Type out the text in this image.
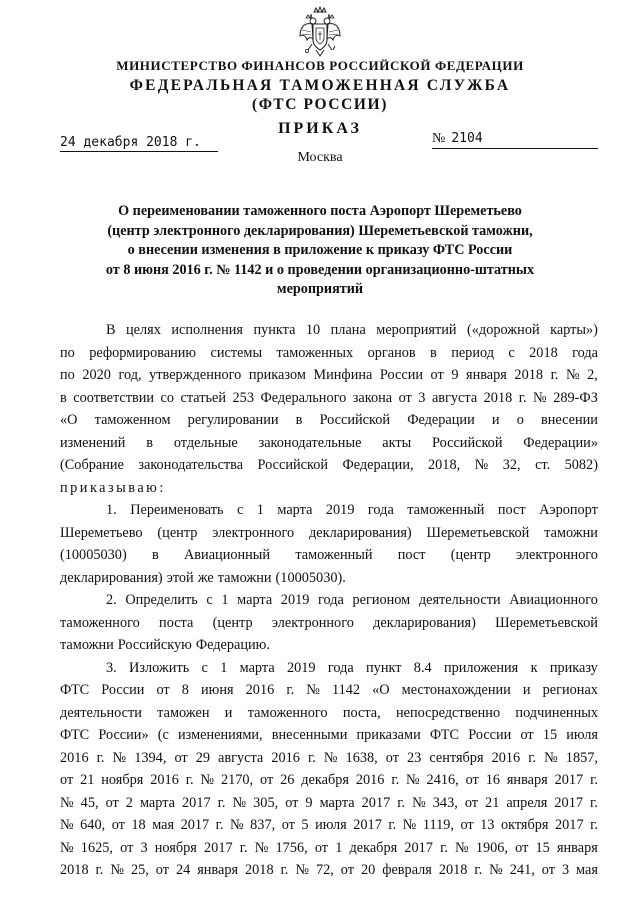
МИНИСТЕРСТВО ФИНАНСОВ РОССИЙСКОЙ ФЕДЕРАЦИИ
ФЕДЕРАЛЬНАЯ ТАМОЖЕННАЯ СЛУЖБА
(ФТС РОССИИ)
ПРИКАЗ
24 декабря 2018 г.	№ 2104
Москва
О переименовании таможенного поста Аэропорт Шереметьево
(центр электронного декларирования) Шереметьевской таможни,
о внесении изменения в приложение к приказу ФТС России
от 8 июня 2016 г. № 1142 и о проведении организационно-штатных
мероприятий
В целях исполнения пункта 10 плана мероприятий («дорожной карты»)
по реформированию системы таможенных органов в период с 2018 года
по 2020 год, утвержденного приказом Минфина России от 9 января 2018 г. № 2,
в соответствии со статьей 253 Федерального закона от 3 августа 2018 г. № 289-ФЗ
«О таможенном регулировании в Российской Федерации и о внесении
изменений в отдельные законодательные акты Российской Федерации»
(Собрание законодательства Российской Федерации, 2018, № 32, ст. 5082)
приказываю:
1. Переименовать с 1 марта 2019 года таможенный пост Аэропорт
Шереметьево (центр электронного декларирования) Шереметьевской таможни
(10005030) в Авиационный таможенный пост (центр электронного
декларирования) этой же таможни (10005030).
2. Определить с 1 марта 2019 года регионом деятельности Авиационного
таможенного поста (центр электронного декларирования) Шереметьевской
таможни Российскую Федерацию.
3. Изложить с 1 марта 2019 года пункт 8.4 приложения к приказу
ФТС России от 8 июня 2016 г. № 1142 «О местонахождении и регионах
деятельности таможен и таможенного поста, непосредственно подчиненных
ФТС России» (с изменениями, внесенными приказами ФТС России от 15 июля
2016 г. № 1394, от 29 августа 2016 г. № 1638, от 23 сентября 2016 г. № 1857,
от 21 ноября 2016 г. № 2170, от 26 декабря 2016 г. № 2416, от 16 января 2017 г.
№ 45, от 2 марта 2017 г. № 305, от 9 марта 2017 г. № 343, от 21 апреля 2017 г.
№ 640, от 18 мая 2017 г. № 837, от 5 июля 2017 г. № 1119, от 13 октября 2017 г.
№ 1625, от 3 ноября 2017 г. № 1756, от 1 декабря 2017 г. № 1906, от 15 января
2018 г. № 25, от 24 января 2018 г. № 72, от 20 февраля 2018 г. № 241, от 3 мая
